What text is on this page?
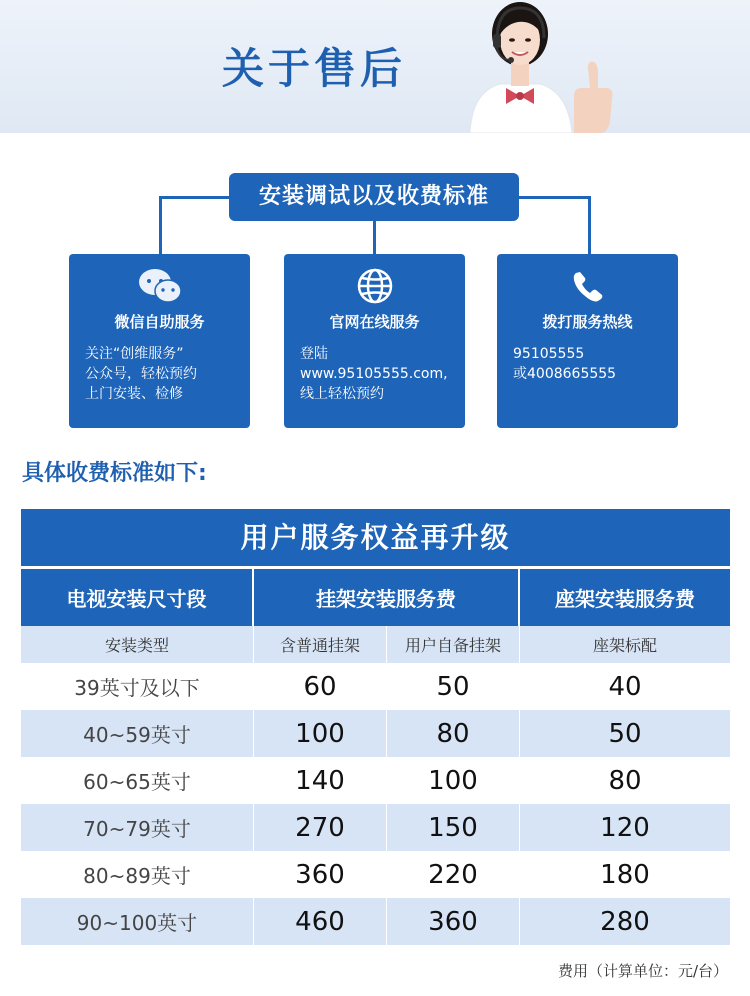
关于售后
安装调试以及收费标准
微信自助服务
关注“创维服务”
公众号，轻松预约
上门安装、检修
官网在线服务
登陆
www.95105555.com,
线上轻松预约
拨打服务热线
95105555
或4008665555
具体收费标准如下:
用户服务权益再升级
电视安装尺寸段	挂架安装服务费	座架安装服务费
安装类型	含普通挂架	用户自备挂架	座架标配
39英寸及以下	60	50	40
40~59英寸	100	80	50
60~65英寸	140	100	80
70~79英寸	270	150	120
80~89英寸	360	220	180
90~100英寸	460	360	280
费用（计算单位：元/台）
